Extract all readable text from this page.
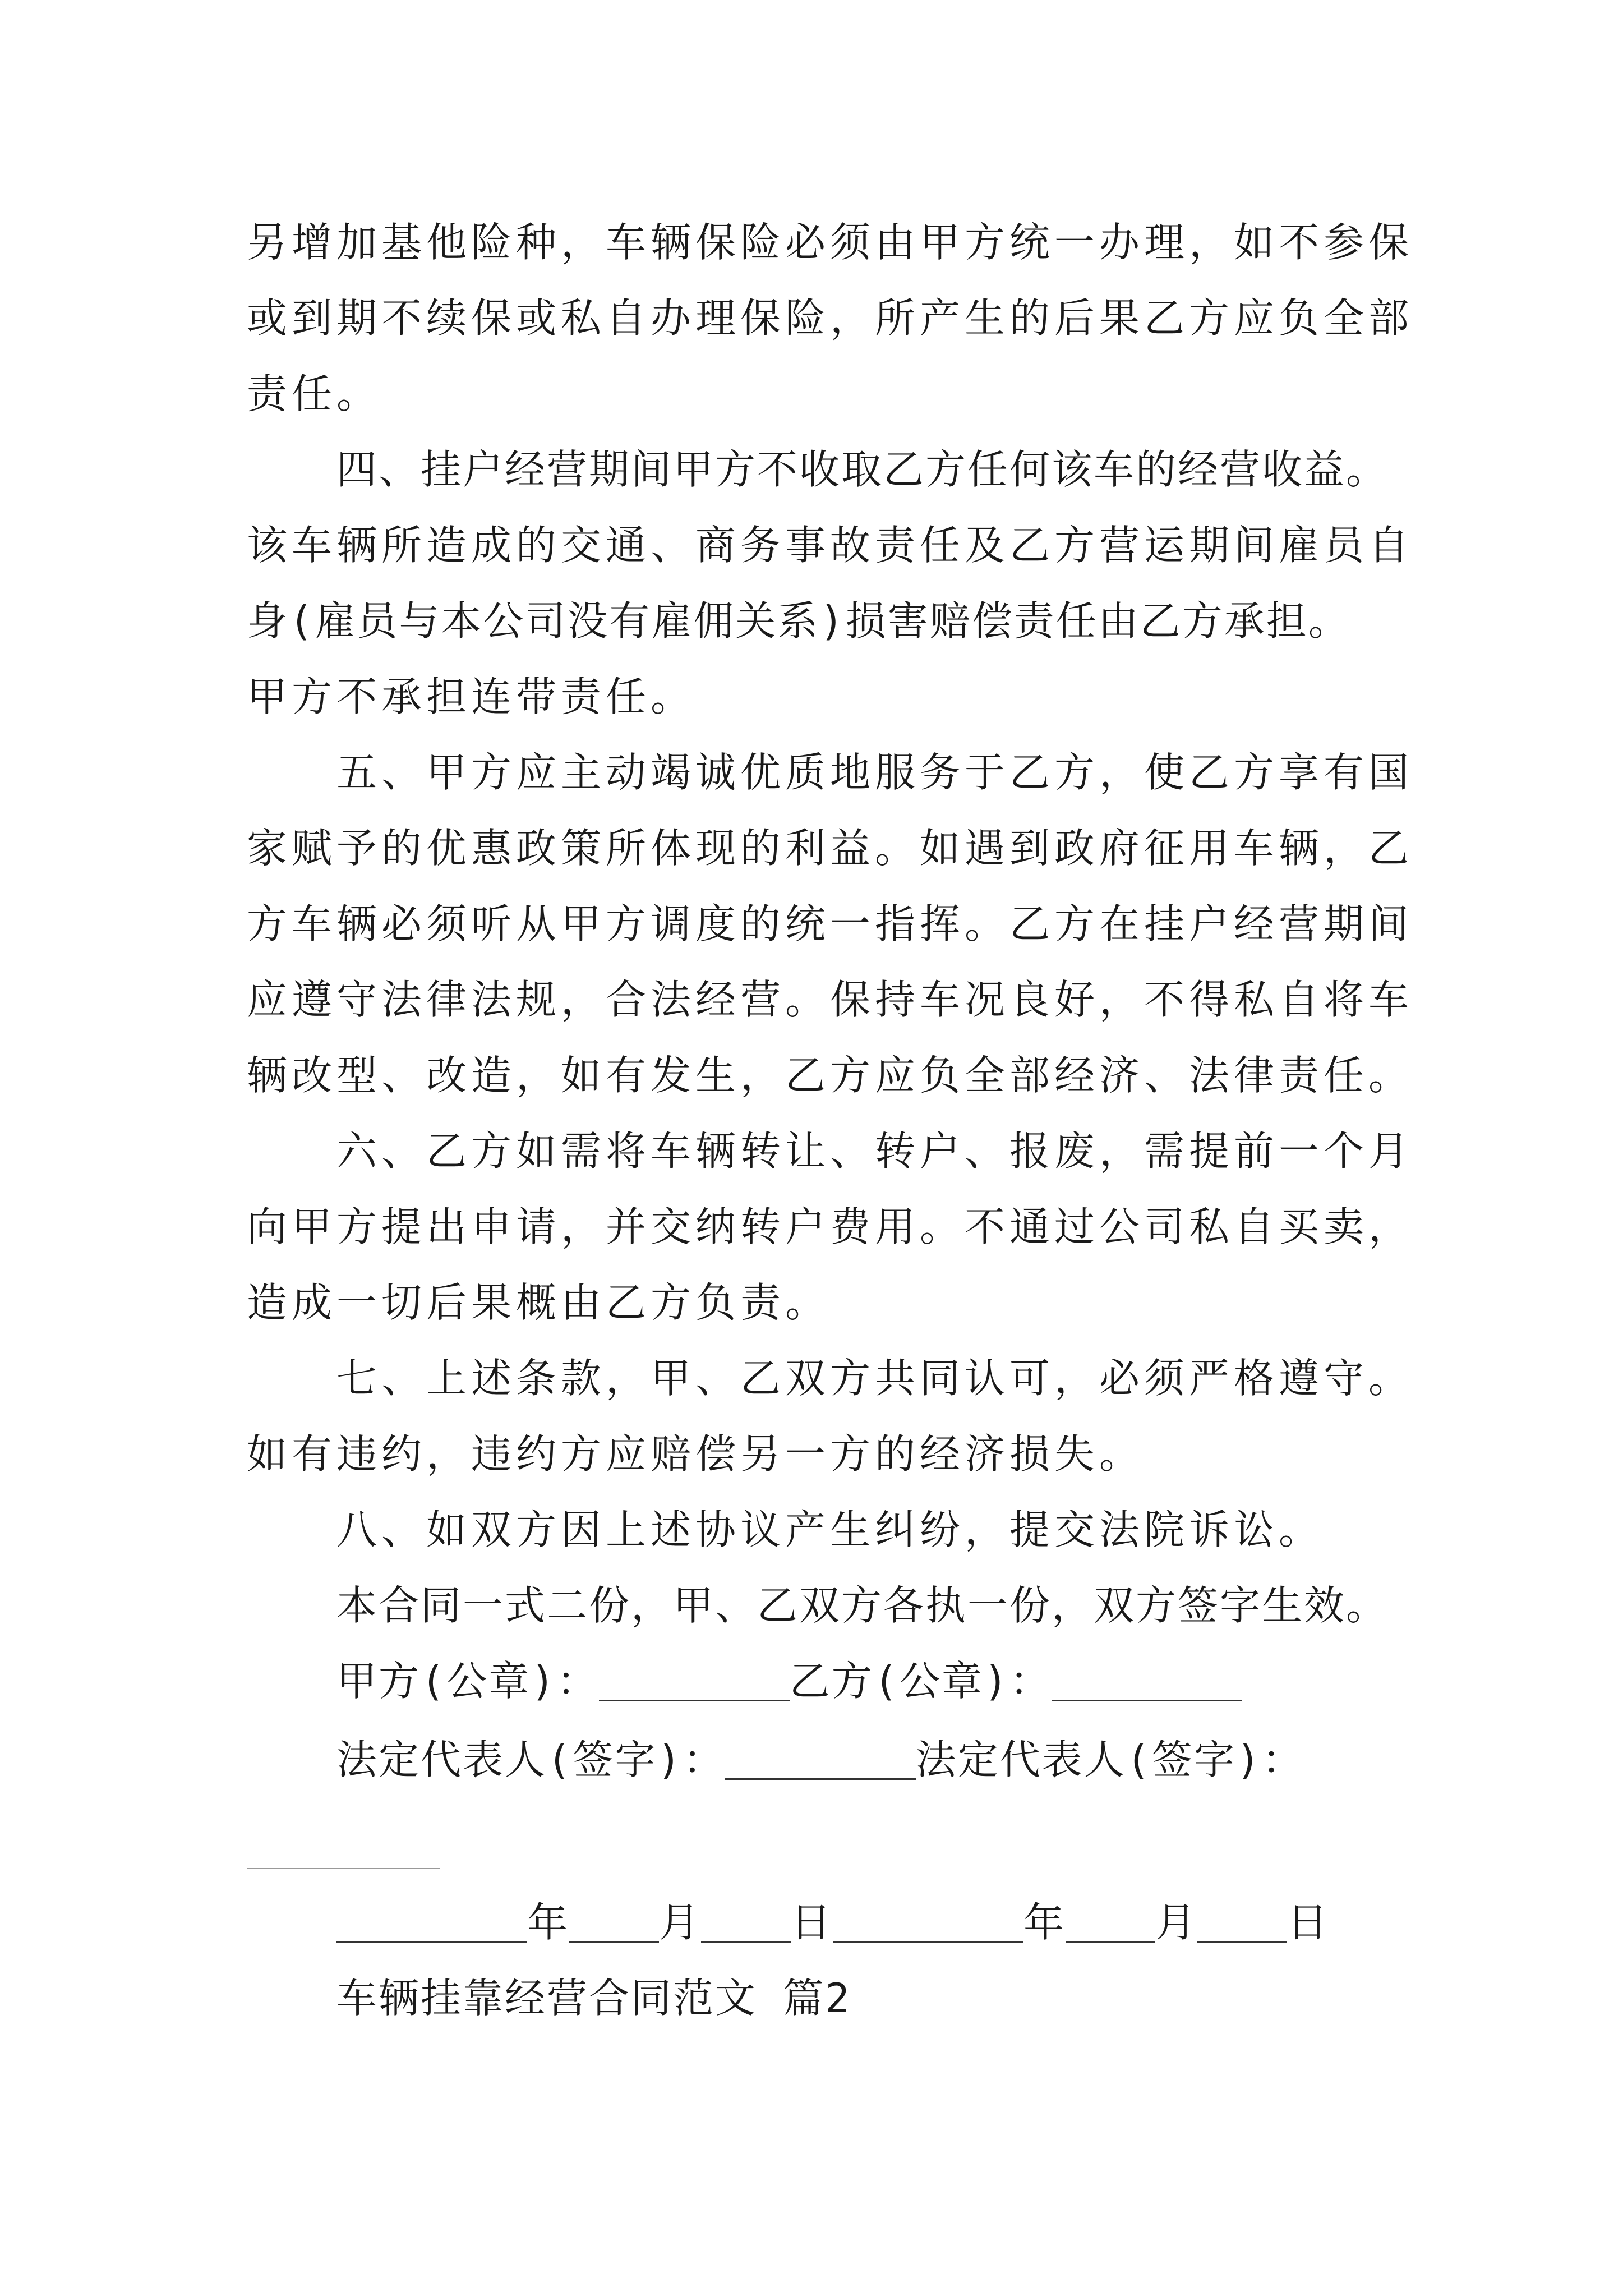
另增加基他险种，车辆保险必须由甲方统一办理，如不参保
或到期不续保或私自办理保险，所产生的后果乙方应负全部
责任。
四、挂户经营期间甲方不收取乙方任何该车的经营收益。
该车辆所造成的交通、商务事故责任及乙方营运期间雇员自
身(雇员与本公司没有雇佣关系)损害赔偿责任由乙方承担。
甲方不承担连带责任。
五、甲方应主动竭诚优质地服务于乙方，使乙方享有国
家赋予的优惠政策所体现的利益。如遇到政府征用车辆，乙
方车辆必须听从甲方调度的统一指挥。乙方在挂户经营期间
应遵守法律法规，合法经营。保持车况良好，不得私自将车
辆改型、改造，如有发生，乙方应负全部经济、法律责任。
六、乙方如需将车辆转让、转户、报废，需提前一个月
向甲方提出申请，并交纳转户费用。不通过公司私自买卖，
造成一切后果概由乙方负责。
七、上述条款，甲、乙双方共同认可，必须严格遵守。
如有违约，违约方应赔偿另一方的经济损失。
八、如双方因上述协议产生纠纷，提交法院诉讼。
本合同一式二份，甲、乙双方各执一份，双方签字生效。
甲方(公章)：	乙方(公章)：
法定代表人(签字)：	法定代表人(签字)：
年 月 日	年 月 日
车辆挂靠经营合同范文 篇2
